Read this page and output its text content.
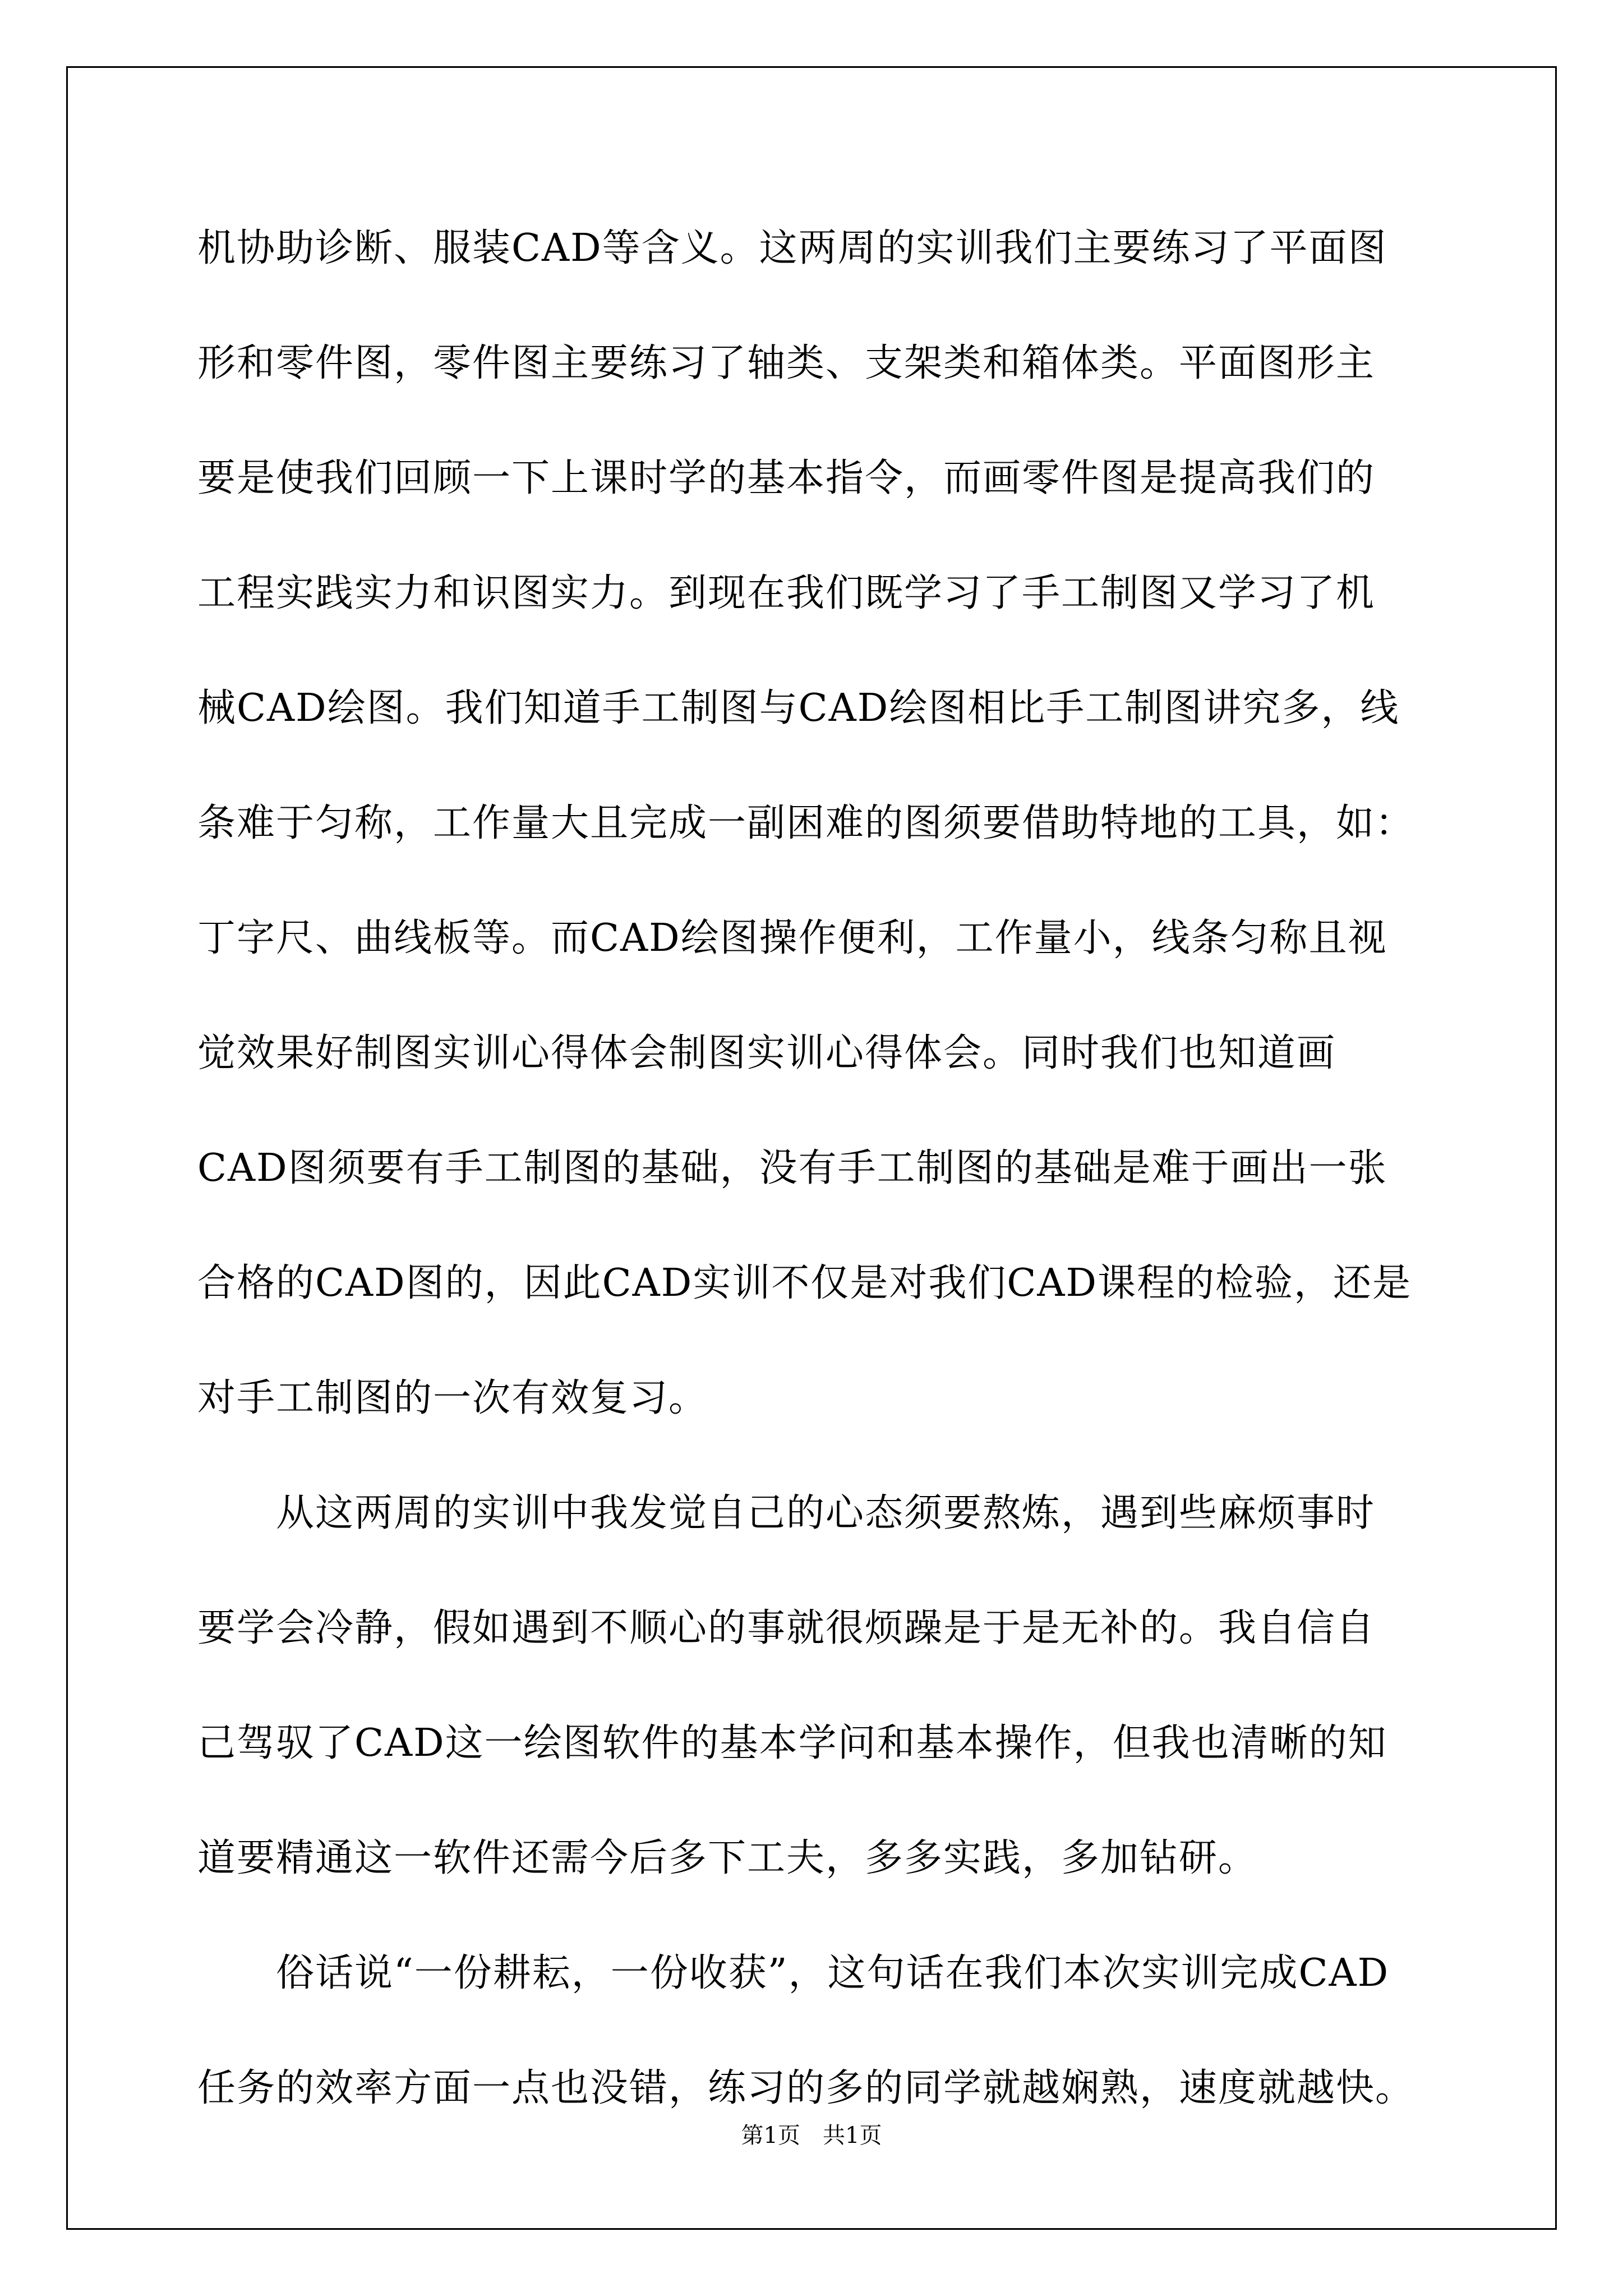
机协助诊断、服装CAD等含义。这两周的实训我们主要练习了平面图
形和零件图，零件图主要练习了轴类、支架类和箱体类。平面图形主
要是使我们回顾一下上课时学的基本指令，而画零件图是提高我们的
工程实践实力和识图实力。到现在我们既学习了手工制图又学习了机
械CAD绘图。我们知道手工制图与CAD绘图相比手工制图讲究多，线
条难于匀称，工作量大且完成一副困难的图须要借助特地的工具，如：
丁字尺、曲线板等。而CAD绘图操作便利，工作量小，线条匀称且视
觉效果好制图实训心得体会制图实训心得体会。同时我们也知道画
CAD图须要有手工制图的基础，没有手工制图的基础是难于画出一张
合格的CAD图的，因此CAD实训不仅是对我们CAD课程的检验，还是
对手工制图的一次有效复习。
　　从这两周的实训中我发觉自己的心态须要熬炼，遇到些麻烦事时
要学会冷静，假如遇到不顺心的事就很烦躁是于是无补的。我自信自
己驾驭了CAD这一绘图软件的基本学问和基本操作，但我也清晰的知
道要精通这一软件还需今后多下工夫，多多实践，多加钻研。
　　俗话说“一份耕耘，一份收获”，这句话在我们本次实训完成CAD
任务的效率方面一点也没错，练习的多的同学就越娴熟，速度就越快。
第1页　共1页
